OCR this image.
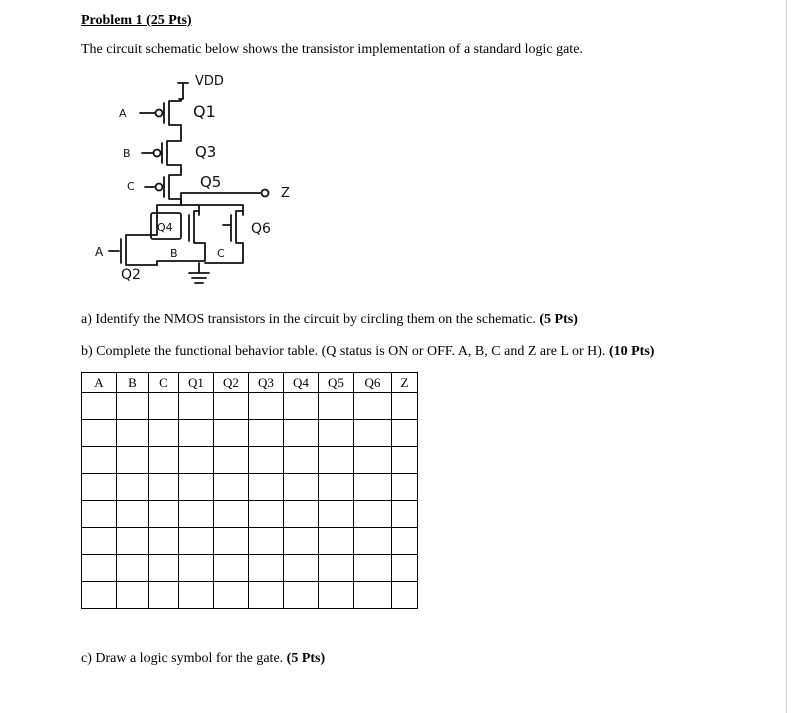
Problem 1 (25 Pts)
The circuit schematic below shows the transistor implementation of a standard logic gate.
VDD
A	Q1
B	Q3
C	Q5
Z
A
Q2
Q4
B	C
Q6
a) Identify the NMOS transistors in the circuit by circling them on the schematic. (5 Pts)
b) Complete the functional behavior table. (Q status is ON or OFF. A, B, C and Z are L or H). (10 Pts)
A	B	C	Q1	Q2	Q3	Q4	Q5	Q6	Z

c) Draw a logic symbol for the gate. (5 Pts)
